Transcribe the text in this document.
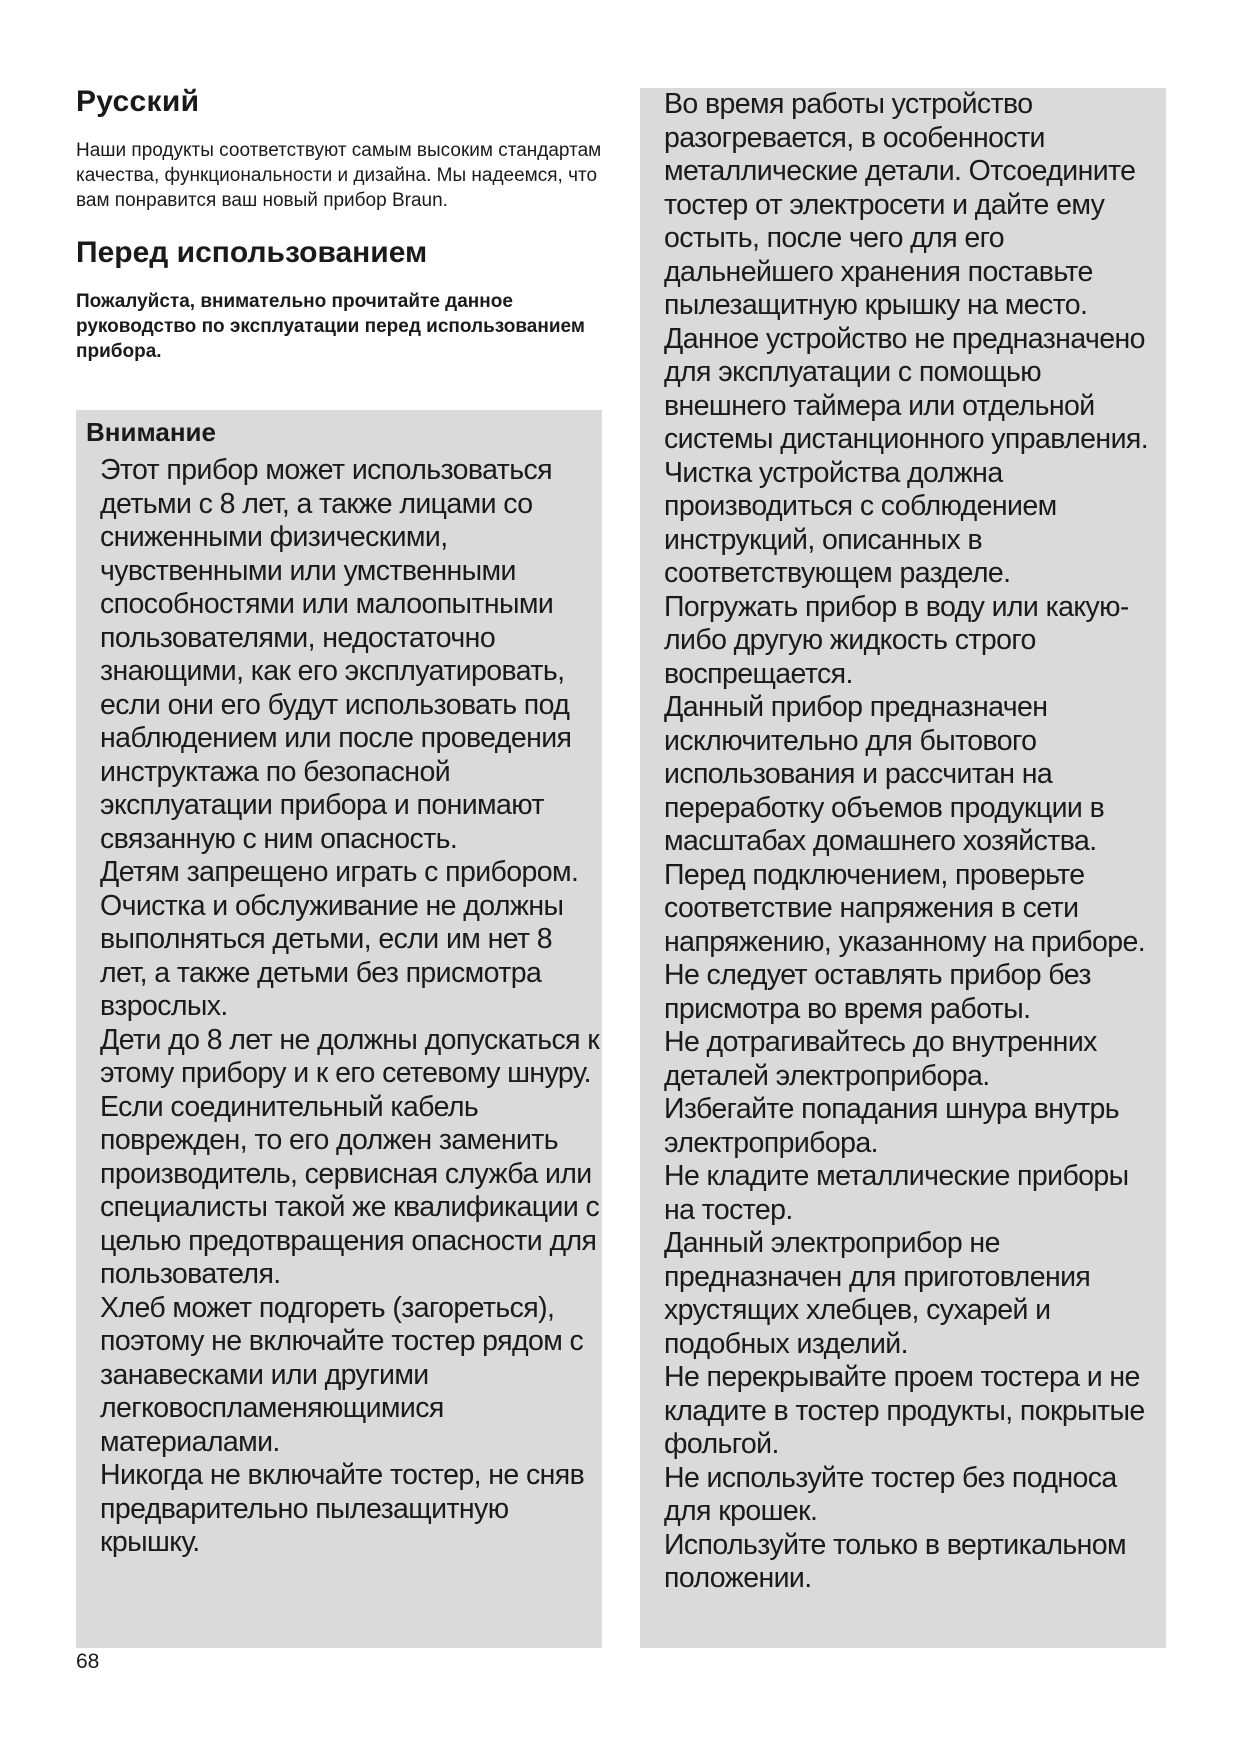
Русский

Наши продукты соответствуют самым высоким стандартам качества, функциональности и дизайна. Мы надеемся, что вам понравится ваш новый прибор Braun.

Перед использованием

Пожалуйста, внимательно прочитайте данное руководство по эксплуатации перед использованием прибора.

Внимание
Этот прибор может использоваться детьми с 8 лет, а также лицами со сниженными физическими, чувственными или умственными способностями или малоопытными пользователями, недостаточно знающими, как его эксплуатировать, если они его будут использовать под наблюдением или после проведения инструктажа по безопасной эксплуатации прибора и понимают связанную с ним опасность.
Детям запрещено играть с прибором.
Очистка и обслуживание не должны выполняться детьми, если им нет 8 лет, а также детьми без присмотра взрослых.
Дети до 8 лет не должны допускаться к этому прибору и к его сетевому шнуру.
Если соединительный кабель поврежден, то его должен заменить производитель, сервисная служба или специалисты такой же квалификации с целью предотвращения опасности для пользователя.
Хлеб может подгореть (загореться), поэтому не включайте тостер рядом с занавесками или другими легковоспламеняющимися материалами.
Никогда не включайте тостер, не сняв предварительно пылезащитную крышку.
Во время работы устройство разогревается, в особенности металлические детали. Отсоедините тостер от электросети и дайте ему остыть, после чего для его дальнейшего хранения поставьте пылезащитную крышку на место.
Данное устройство не предназначено для эксплуатации с помощью внешнего таймера или отдельной системы дистанционного управления.
Чистка устройства должна производиться с соблюдением инструкций, описанных в соответствующем разделе.
Погружать прибор в воду или какую-либо другую жидкость строго воспрещается.
Данный прибор предназначен исключительно для бытового использования и рассчитан на переработку объемов продукции в масштабах домашнего хозяйства.
Перед подключением, проверьте соответствие напряжения в сети напряжению, указанному на приборе.
Не следует оставлять прибор без присмотра во время работы.
Не дотрагивайтесь до внутренних деталей электроприбора.
Избегайте попадания шнура внутрь электроприбора.
Не кладите металлические приборы на тостер.
Данный электроприбор не предназначен для приготовления хрустящих хлебцев, сухарей и подобных изделий.
Не перекрывайте проем тостера и не кладите в тостер продукты, покрытые фольгой.
Не используйте тостер без подноса для крошек.
Используйте только в вертикальном положении.
68
